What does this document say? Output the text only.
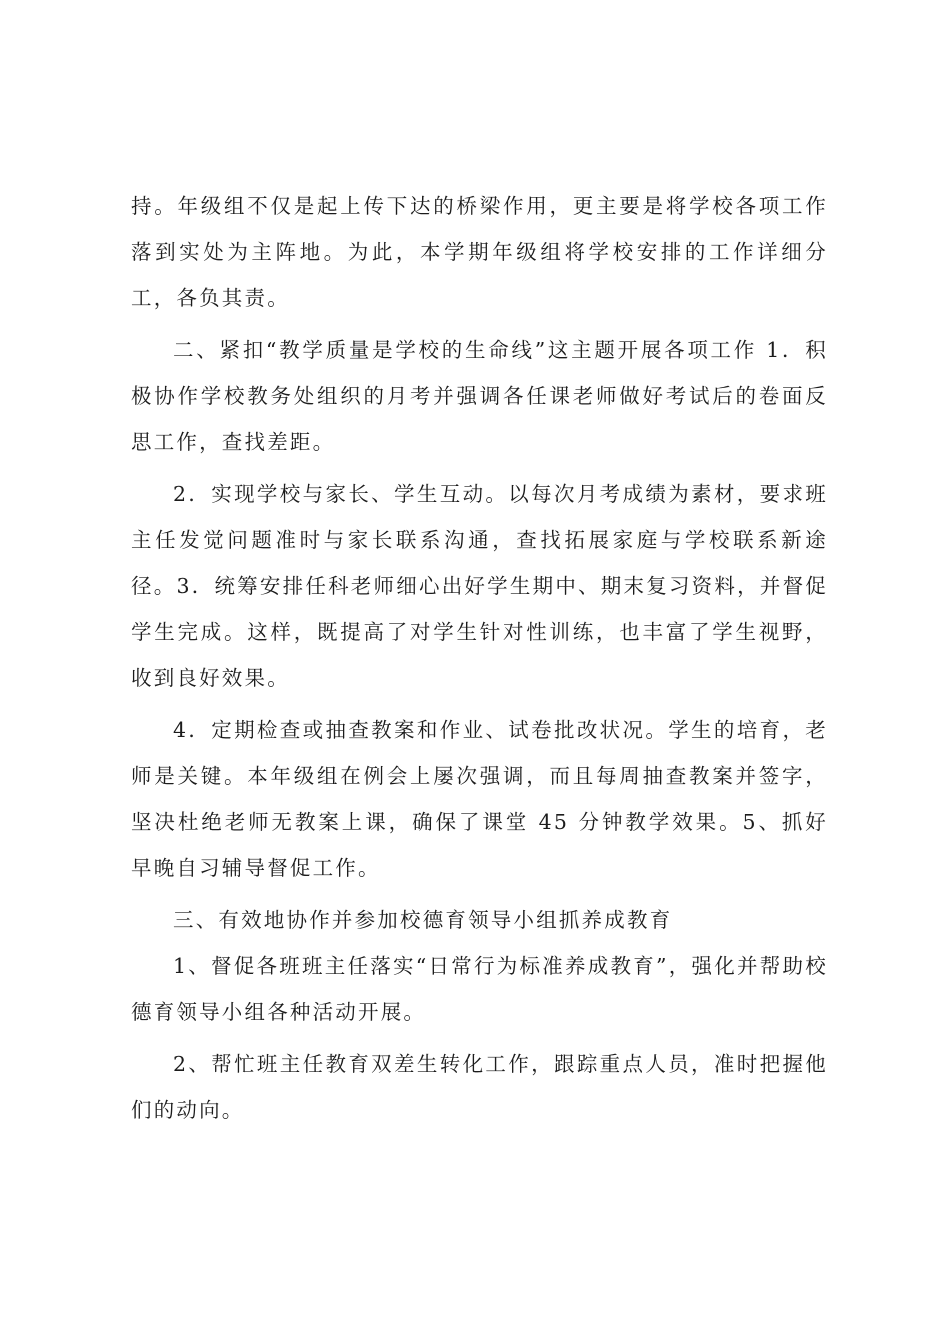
持。年级组不仅是起上传下达的桥梁作用，更主要是将学校各项工作落到实处为主阵地。为此，本学期年级组将学校安排的工作详细分工，各负其责。

二、紧扣“教学质量是学校的生命线”这主题开展各项工作 1．积极协作学校教务处组织的月考并强调各任课老师做好考试后的卷面反思工作，查找差距。

2．实现学校与家长、学生互动。以每次月考成绩为素材，要求班主任发觉问题准时与家长联系沟通，查找拓展家庭与学校联系新途径。3．统筹安排任科老师细心出好学生期中、期末复习资料，并督促学生完成。这样，既提高了对学生针对性训练，也丰富了学生视野，收到良好效果。

4．定期检查或抽查教案和作业、试卷批改状况。学生的培育，老师是关键。本年级组在例会上屡次强调，而且每周抽查教案并签字，坚决杜绝老师无教案上课，确保了课堂 45 分钟教学效果。5、抓好早晚自习辅导督促工作。

三、有效地协作并参加校德育领导小组抓养成教育

1、督促各班班主任落实“日常行为标准养成教育”，强化并帮助校德育领导小组各种活动开展。

2、帮忙班主任教育双差生转化工作，跟踪重点人员，准时把握他们的动向。
